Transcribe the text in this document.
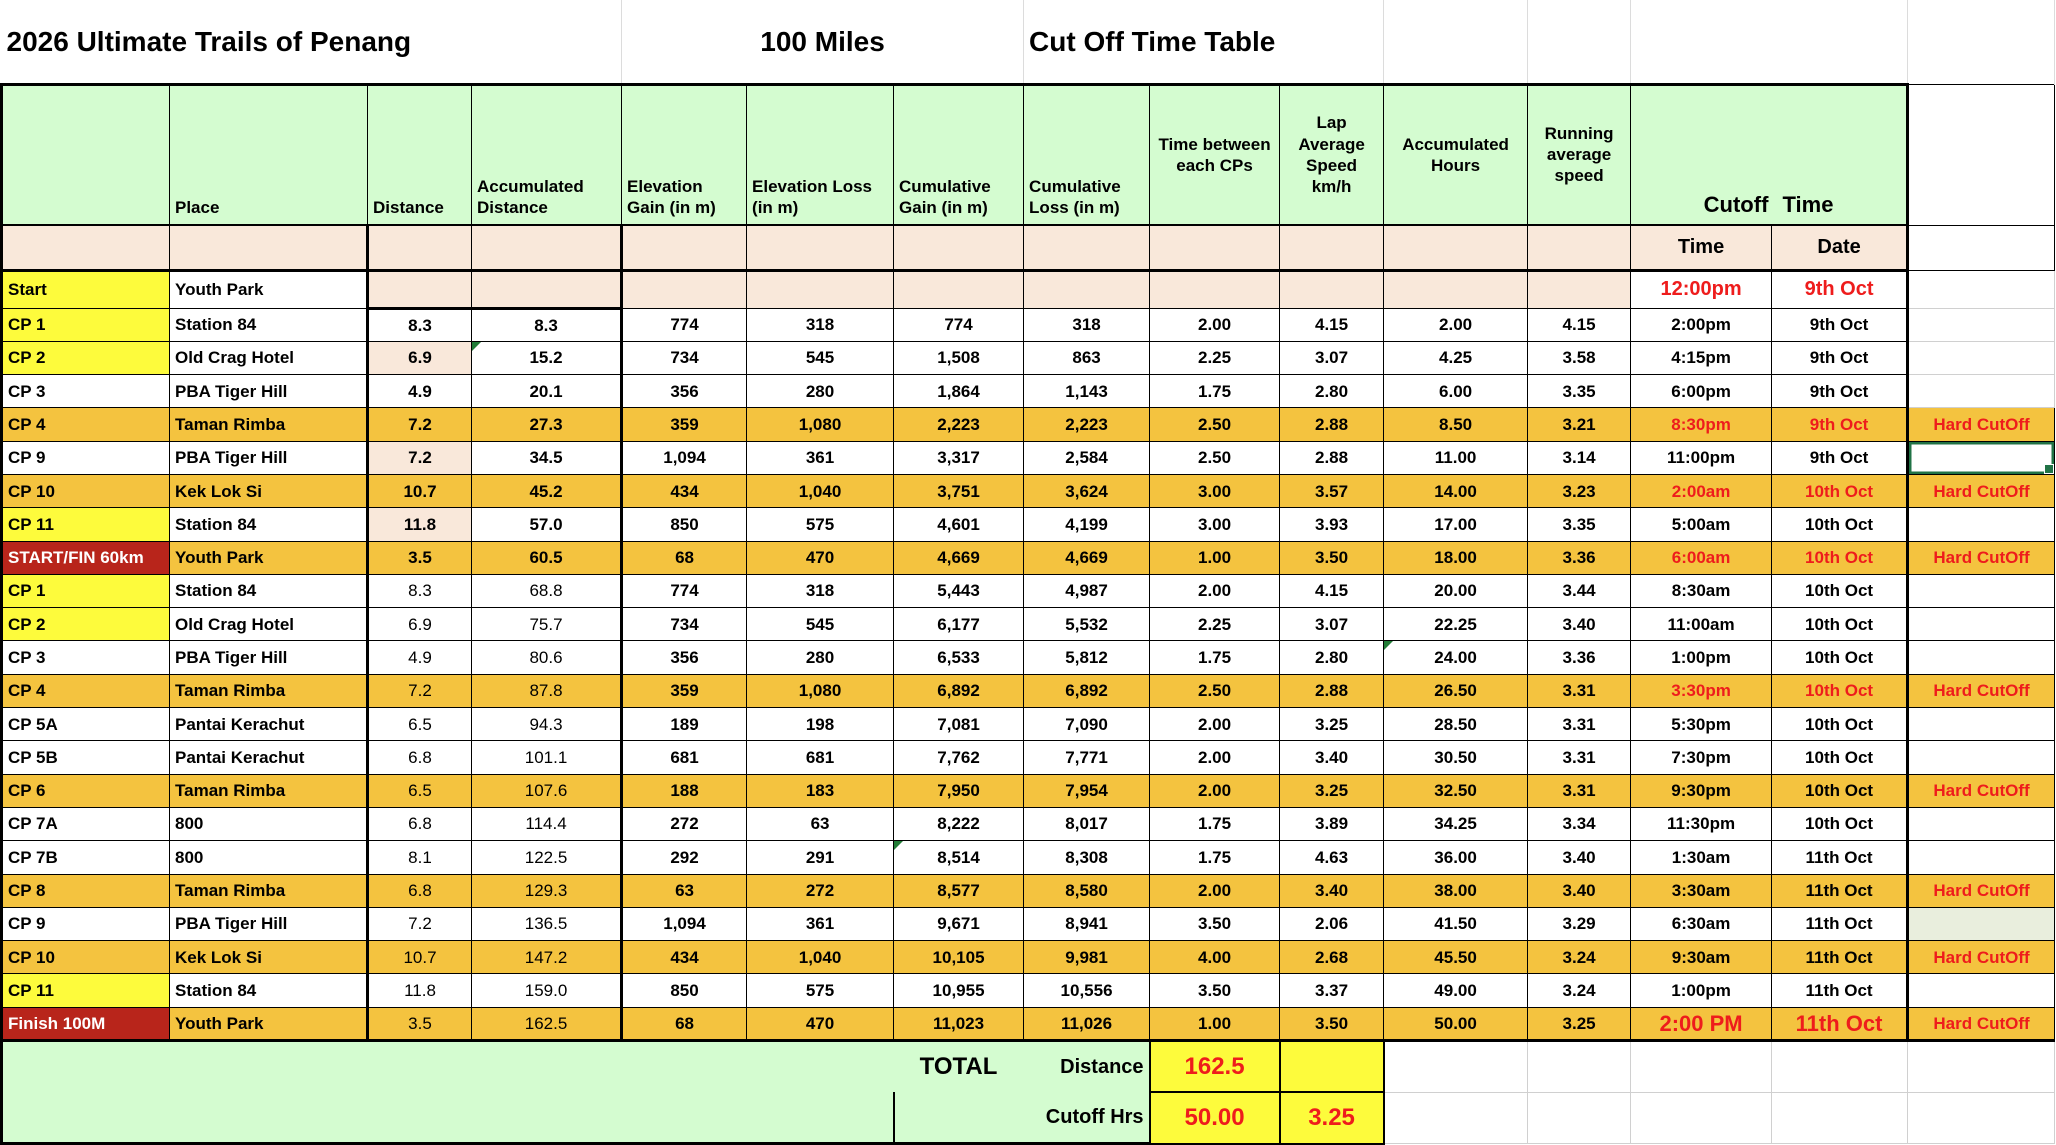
2026 Ultimate Trails of Penang				100 Miles			Cut Off Time Table							
	Place	Distance	Accumulated Distance	Elevation Gain (in m)	Elevation Loss (in m)	Cumulative Gain (in m)	Cumulative Loss (in m)	Time between each CPs	Lap Average Speed km/h	Accumulated Hours	Running average speed	Cutoff Time		
												Time	Date	
Start	Youth Park											12:00pm	9th Oct	
CP 1	Station 84	8.3	8.3	774	318	774	318	2.00	4.15	2.00	4.15	2:00pm	9th Oct	
CP 2	Old Crag Hotel	6.9	15.2	734	545	1,508	863	2.25	3.07	4.25	3.58	4:15pm	9th Oct	
CP 3	PBA Tiger Hill	4.9	20.1	356	280	1,864	1,143	1.75	2.80	6.00	3.35	6:00pm	9th Oct	
CP 4	Taman Rimba	7.2	27.3	359	1,080	2,223	2,223	2.50	2.88	8.50	3.21	8:30pm	9th Oct	Hard CutOff
CP 9	PBA Tiger Hill	7.2	34.5	1,094	361	3,317	2,584	2.50	2.88	11.00	3.14	11:00pm	9th Oct	
CP 10	Kek Lok Si	10.7	45.2	434	1,040	3,751	3,624	3.00	3.57	14.00	3.23	2:00am	10th Oct	Hard CutOff
CP 11	Station 84	11.8	57.0	850	575	4,601	4,199	3.00	3.93	17.00	3.35	5:00am	10th Oct	
START/FIN 60km	Youth Park	3.5	60.5	68	470	4,669	4,669	1.00	3.50	18.00	3.36	6:00am	10th Oct	Hard CutOff
CP 1	Station 84	8.3	68.8	774	318	5,443	4,987	2.00	4.15	20.00	3.44	8:30am	10th Oct	
CP 2	Old Crag Hotel	6.9	75.7	734	545	6,177	5,532	2.25	3.07	22.25	3.40	11:00am	10th Oct	
CP 3	PBA Tiger Hill	4.9	80.6	356	280	6,533	5,812	1.75	2.80	24.00	3.36	1:00pm	10th Oct	
CP 4	Taman Rimba	7.2	87.8	359	1,080	6,892	6,892	2.50	2.88	26.50	3.31	3:30pm	10th Oct	Hard CutOff
CP 5A	Pantai Kerachut	6.5	94.3	189	198	7,081	7,090	2.00	3.25	28.50	3.31	5:30pm	10th Oct	
CP 5B	Pantai Kerachut	6.8	101.1	681	681	7,762	7,771	2.00	3.40	30.50	3.31	7:30pm	10th Oct	
CP 6	Taman Rimba	6.5	107.6	188	183	7,950	7,954	2.00	3.25	32.50	3.31	9:30pm	10th Oct	Hard CutOff
CP 7A	800	6.8	114.4	272	63	8,222	8,017	1.75	3.89	34.25	3.34	11:30pm	10th Oct	
CP 7B	800	8.1	122.5	292	291	8,514	8,308	1.75	4.63	36.00	3.40	1:30am	11th Oct	
CP 8	Taman Rimba	6.8	129.3	63	272	8,577	8,580	2.00	3.40	38.00	3.40	3:30am	11th Oct	Hard CutOff
CP 9	PBA Tiger Hill	7.2	136.5	1,094	361	9,671	8,941	3.50	2.06	41.50	3.29	6:30am	11th Oct	
CP 10	Kek Lok Si	10.7	147.2	434	1,040	10,105	9,981	4.00	2.68	45.50	3.24	9:30am	11th Oct	Hard CutOff
CP 11	Station 84	11.8	159.0	850	575	10,955	10,556	3.50	3.37	49.00	3.24	1:00pm	11th Oct	
Finish 100M	Youth Park	3.5	162.5	68	470	11,023	11,026	1.00	3.50	50.00	3.25	2:00 PM	11th Oct	Hard CutOff
						TOTAL	Distance	162.5						
							Cutoff Hrs	50.00	3.25					
